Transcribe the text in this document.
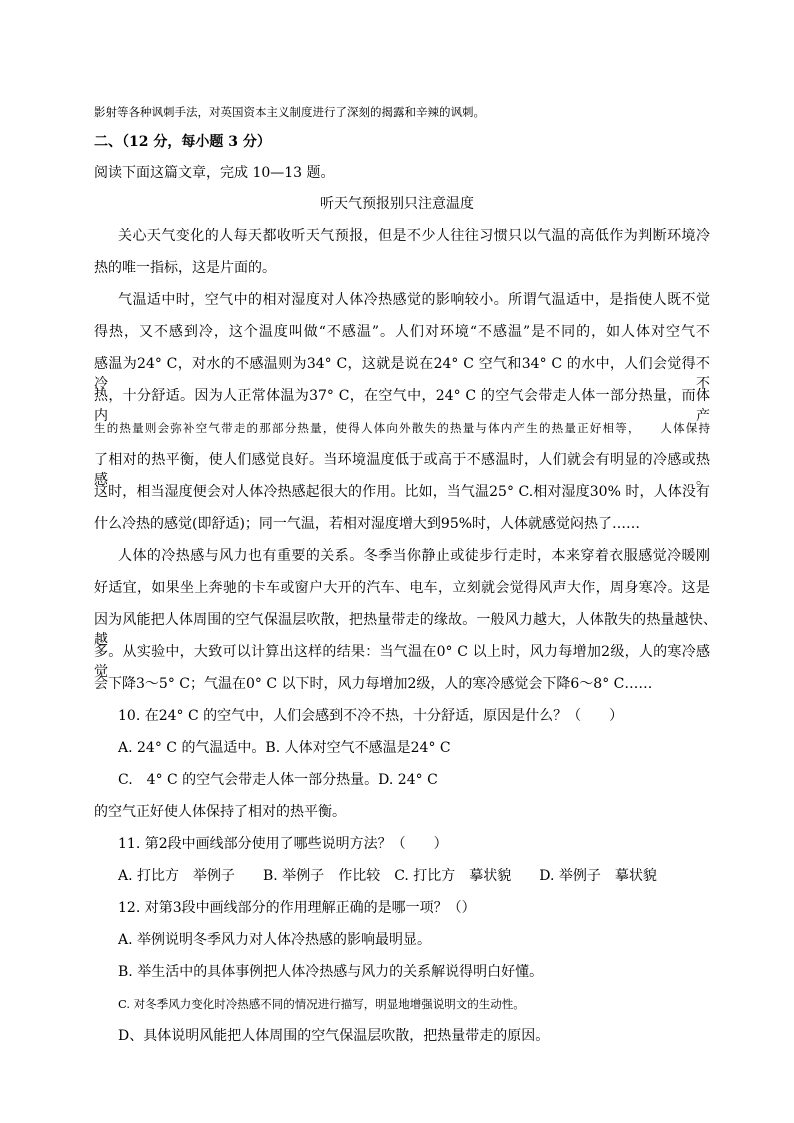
影射等各种讽刺手法，对英国资本主义制度进行了深刻的揭露和辛辣的讽刺。
二、（12 分，每小题 3 分）
阅读下面这篇文章，完成 10—13 题。
听天气预报别只注意温度
关心天气变化的人每天都收听天气预报，但是不少人往往习惯只以气温的高低作为判断环境冷
热的唯一指标，这是片面的。
气温适中时，空气中的相对湿度对人体冷热感觉的影响较小。所谓气温适中，是指使人既不觉
得热，又不感到冷，这个温度叫做“不感温”。人们对环境“不感温”是不同的，如人体对空气不
感温为24° C，对水的不感温则为34° C，这就是说在24° C 空气和34° C 的水中，人们会觉得不冷不
热，十分舒适。因为人正常体温为37° C，在空气中，24° C 的空气会带走人体一部分热量，而体内产
生的热量则会弥补空气带走的那部分热量，使得人体向外散失的热量与体内产生的热量正好相等，　　人体保持
了相对的热平衡，使人们感觉良好。当环境温度低于或高于不感温时，人们就会有明显的冷感或热感。
这时，相当湿度便会对人体冷热感起很大的作用。比如，当气温25° C.相对湿度30% 时，人体没有
什么冷热的感觉(即舒适)；同一气温，若相对湿度增大到95%时，人体就感觉闷热了……
人体的冷热感与风力也有重要的关系。冬季当你静止或徒步行走时，本来穿着衣服感觉冷暖刚
好适宜，如果坐上奔驰的卡车或窗户大开的汽车、电车，立刻就会觉得风声大作，周身寒冷。这是
因为风能把人体周围的空气保温层吹散，把热量带走的缘故。一般风力越大，人体散失的热量越快、　 越
多。从实验中，大致可以计算出这样的结果：当气温在0° C 以上时，风力每增加2级，人的寒冷感觉
会下降3～5° C；气温在0° C 以下时，风力每增加2级，人的寒冷感觉会下降6～8° C……
10. 在24° C 的空气中，人们会感到不冷不热，十分舒适，原因是什么？（　　）
A. 24° C 的气温适中。B. 人体对空气不感温是24° C
C.　4° C 的空气会带走人体一部分热量。D. 24° C
的空气正好使人体保持了相对的热平衡。
11. 第2段中画线部分使用了哪些说明方法？（　　）
A. 打比方　举例子　　B. 举例子　作比较　C. 打比方　摹状貌　　D. 举例子　摹状貌
12. 对第3段中画线部分的作用理解正确的是哪一项？（）
A. 举例说明冬季风力对人体冷热感的影响最明显。
B. 举生活中的具体事例把人体冷热感与风力的关系解说得明白好懂。
C. 对冬季风力变化时冷热感不同的情况进行描写，明显地增强说明文的生动性。
D、具体说明风能把人体周围的空气保温层吹散，把热量带走的原因。
